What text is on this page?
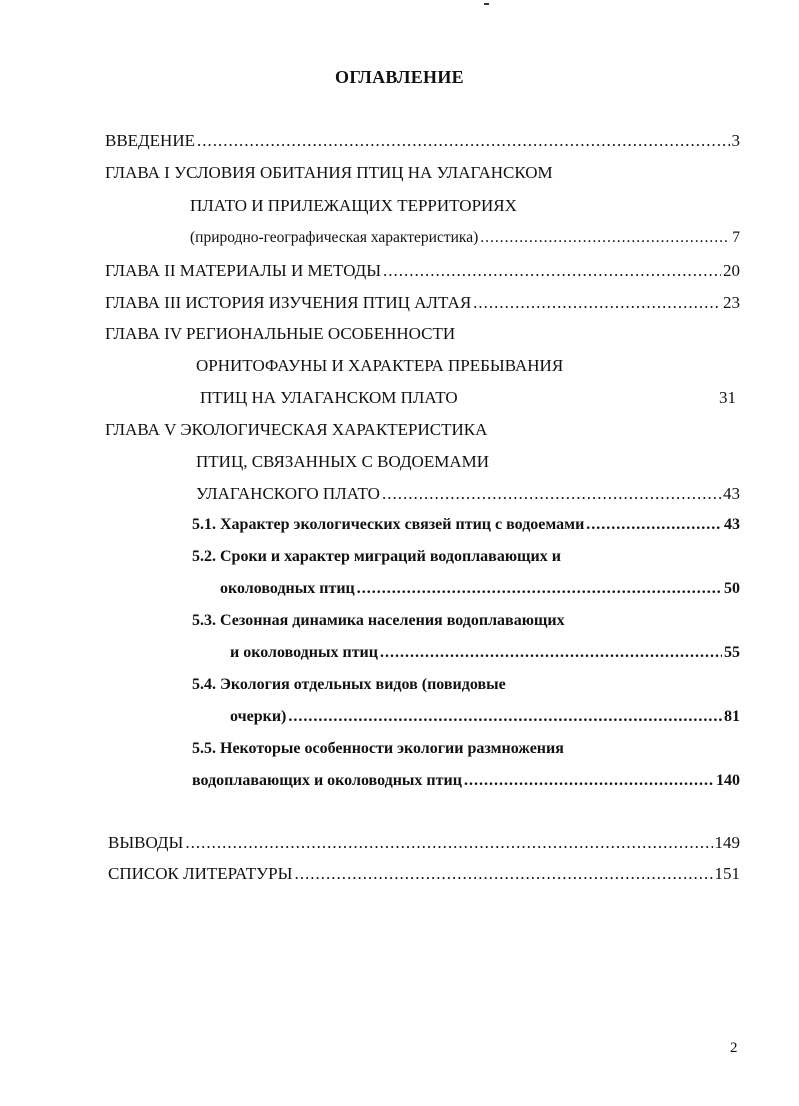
ОГЛАВЛЕНИЕ
ВВЕДЕНИЕ .....	3
ГЛАВА I УСЛОВИЯ ОБИТАНИЯ ПТИЦ НА УЛАГАНСКОМ
ПЛАТО И ПРИЛЕЖАЩИХ ТЕРРИТОРИЯХ
(природно-географическая характеристика) .....	7
ГЛАВА II МАТЕРИАЛЫ И МЕТОДЫ .....	20
ГЛАВА III ИСТОРИЯ ИЗУЧЕНИЯ ПТИЦ АЛТАЯ .....	23
ГЛАВА IV РЕГИОНАЛЬНЫЕ ОСОБЕННОСТИ
ОРНИТОФАУНЫ И ХАРАКТЕРА ПРЕБЫВАНИЯ
ПТИЦ НА УЛАГАНСКОМ ПЛАТО	31
ГЛАВА V ЭКОЛОГИЧЕСКАЯ ХАРАКТЕРИСТИКА
ПТИЦ, СВЯЗАННЫХ С ВОДОЕМАМИ
УЛАГАНСКОГО ПЛАТО .....	43
5.1. Характер экологических связей птиц с водоемами .....	43
5.2. Сроки и характер миграций водоплавающих и
околоводных птиц .....	50
5.3. Сезонная динамика населения водоплавающих
и околоводных птиц .....	55
5.4. Экология отдельных видов (повидовые
очерки) .....	81
5.5. Некоторые особенности экологии размножения
водоплавающих и околоводных птиц .....	140
ВЫВОДЫ .....	149
СПИСОК ЛИТЕРАТУРЫ .....	151
2
